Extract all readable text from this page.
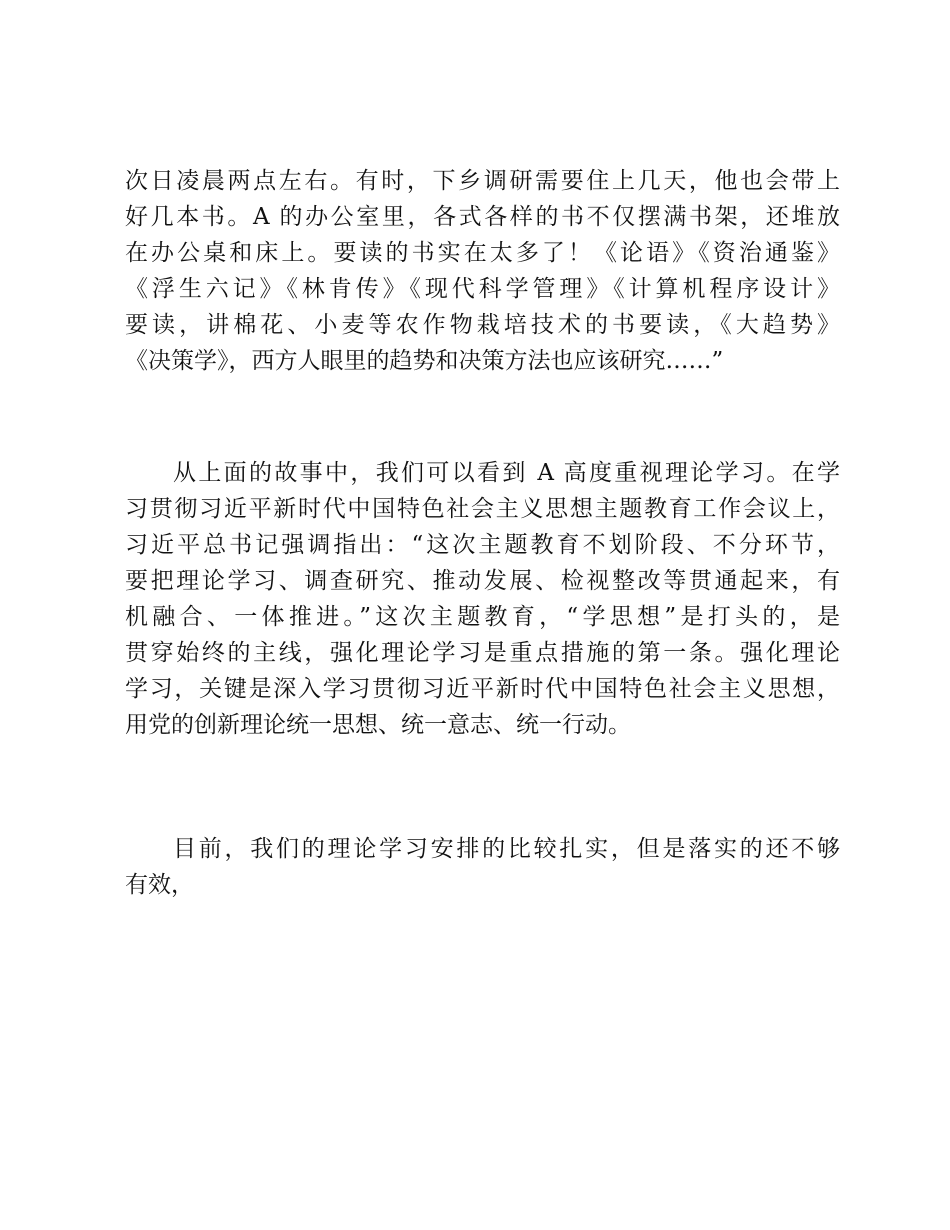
次日凌晨两点左右。有时，下乡调研需要住上几天，他也会带上
好几本书。A 的办公室里，各式各样的书不仅摆满书架，还堆放
在办公桌和床上。要读的书实在太多了！《论语》《资治通鉴》
《浮生六记》《林肯传》《现代科学管理》《计算机程序设计》
要读，讲棉花、小麦等农作物栽培技术的书要读，《大趋势》
《决策学》，西方人眼里的趋势和决策方法也应该研究……”
从上面的故事中，我们可以看到 A 高度重视理论学习。在学
习贯彻习近平新时代中国特色社会主义思想主题教育工作会议上，
习近平总书记强调指出：“这次主题教育不划阶段、不分环节，
要把理论学习、调查研究、推动发展、检视整改等贯通起来，有
机融合、一体推进。”这次主题教育，“学思想”是打头的，是
贯穿始终的主线，强化理论学习是重点措施的第一条。强化理论
学习，关键是深入学习贯彻习近平新时代中国特色社会主义思想，
用党的创新理论统一思想、统一意志、统一行动。
目前，我们的理论学习安排的比较扎实，但是落实的还不够
有效，
